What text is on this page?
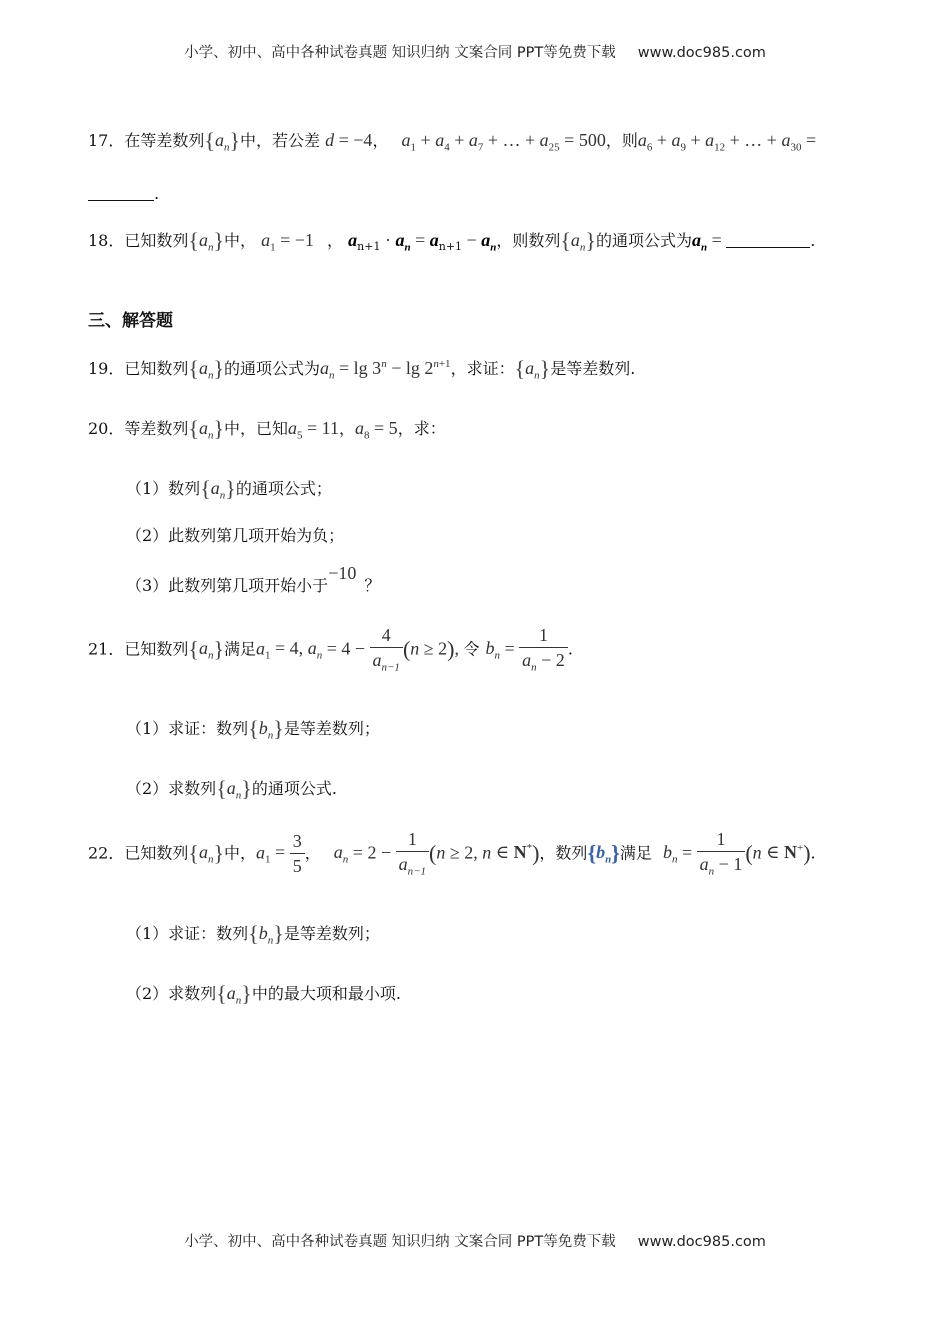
小学、初中、高中各种试卷真题 知识归纳 文案合同 PPT等免费下载 www.doc985.com
17．在等差数列$\{a_n\}$中，若公差 d = −4， $a_1 + a_4 + a_7$ + … + $a_{25} = 500$，则$a_6 + a_9 + a_{12}$ + … + $a_{30}$ =
.
18．已知数列$\{a_n\}$中， $a_1 = -1$ ， $a_{n+1} \cdot a_n = a_{n+1} - a_n$，则数列$\{a_n\}$的通项公式为$a_n$ =	.
三、解答题
19．已知数列$\{a_n\}$的通项公式为$a_n = \lg 3^n - \lg 2^{n+1}$，求证：$\{a_n\}$是等差数列.
20．等差数列$\{a_n\}$中，已知$a_5 = 11$，$a_8 = 5$，求：
（1）数列$\{a_n\}$的通项公式；
（2）此数列第几项开始为负；
（3）此数列第几项开始小于−10？
21．已知数列$\{a_n\}$满足$a_1 = 4$, $a_n = 4 - \frac{4}{a_{n-1}} (n \ge 2)$, 令 $b_n = \frac{1}{a_n - 2}$ .
（1）求证：数列$\{b_n\}$是等差数列；
（2）求数列$\{a_n\}$的通项公式.
22．已知数列$\{a_n\}$中，$a_1 = \frac{3}{5}$ ， $a_n = 2 - \frac{1}{a_{n-1}} (n \ge 2$, n ∈ N*)，数列$\{b_n\}$满足 $b_n = \frac{1}{a_n - 1} (n$ ∈ N+).
（1）求证：数列$\{b_n\}$是等差数列；
（2）求数列$\{a_n\}$中的最大项和最小项.
小学、初中、高中各种试卷真题 知识归纳 文案合同 PPT等免费下载 www.doc985.com
